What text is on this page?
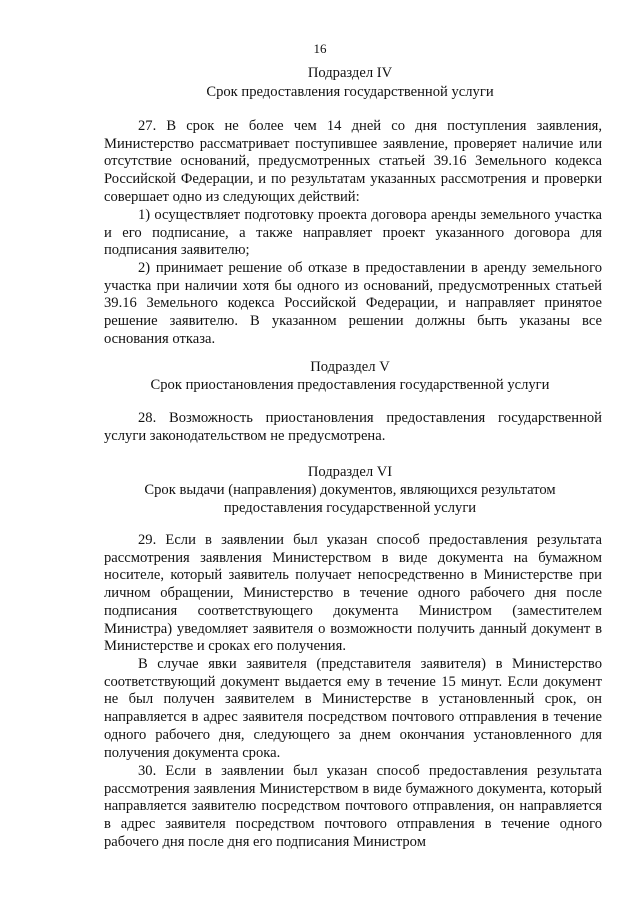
16
Подраздел IV
Срок предоставления государственной услуги

27. В срок не более чем 14 дней со дня поступления заявления, Министерство рассматривает поступившее заявление, проверяет наличие или отсутствие оснований, предусмотренных статьей 39.16 Земельного кодекса Российской Федерации, и по результатам указанных рассмотрения и проверки совершает одно из следующих действий:

1) осуществляет подготовку проекта договора аренды земельного участка и его подписание, а также направляет проект указанного договора для подписания заявителю;

2) принимает решение об отказе в предоставлении в аренду земельного участка при наличии хотя бы одного из оснований, предусмотренных статьей 39.16 Земельного кодекса Российской Федерации, и направляет принятое решение заявителю. В указанном решении должны быть указаны все основания отказа.

Подраздел V
Срок приостановления предоставления государственной услуги

28. Возможность приостановления предоставления государственной услуги законодательством не предусмотрена.

Подраздел VI
Срок выдачи (направления) документов, являющихся результатом
предоставления государственной услуги

29. Если в заявлении был указан способ предоставления результата рассмотрения заявления Министерством в виде документа на бумажном носителе, который заявитель получает непосредственно в Министерстве при личном обращении, Министерство в течение одного рабочего дня после подписания соответствующего документа Министром (заместителем Министра) уведомляет заявителя о возможности получить данный документ в Министерстве и сроках его получения.

В случае явки заявителя (представителя заявителя) в Министерство соответствующий документ выдается ему в течение 15 минут. Если документ не был получен заявителем в Министерстве в установленный срок, он направляется в адрес заявителя посредством почтового отправления в течение одного рабочего дня, следующего за днем окончания установленного для получения документа срока.

30. Если в заявлении был указан способ предоставления результата рассмотрения заявления Министерством в виде бумажного документа, который направляется заявителю посредством почтового отправления, он направляется в адрес заявителя посредством почтового отправления в течение одного рабочего дня после дня его подписания Министром
